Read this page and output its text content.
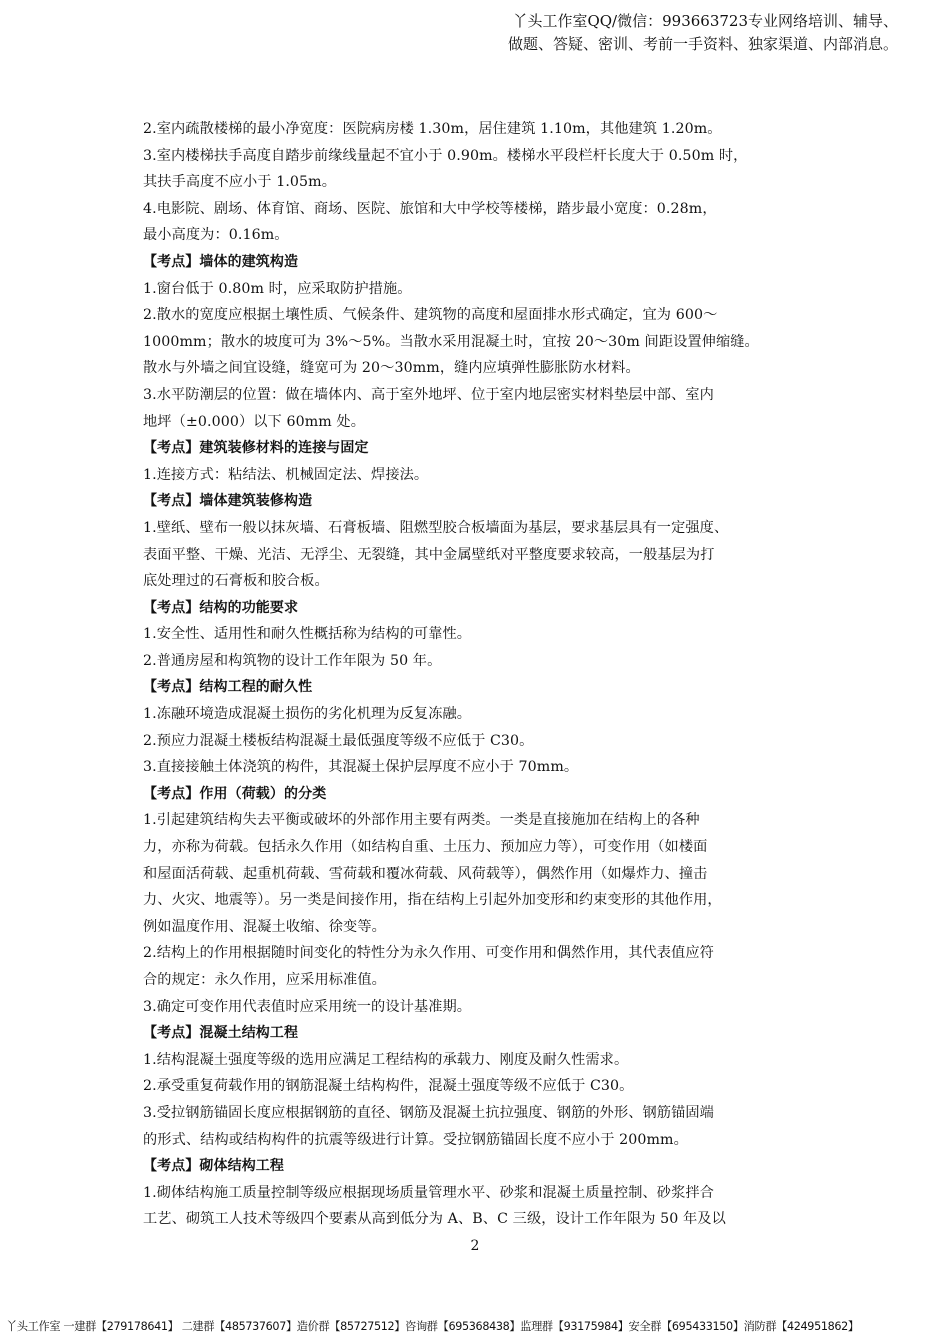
丫头工作室QQ/微信：993663723专业网络培训、辅导、
做题、答疑、密训、考前一手资料、独家渠道、内部消息。

2.室内疏散楼梯的最小净宽度：医院病房楼 1.30m，居住建筑 1.10m，其他建筑 1.20m。

3.室内楼梯扶手高度自踏步前缘线量起不宜小于 0.90m。楼梯水平段栏杆长度大于 0.50m 时，

其扶手高度不应小于 1.05m。

4.电影院、剧场、体育馆、商场、医院、旅馆和大中学校等楼梯，踏步最小宽度：0.28m，

最小高度为：0.16m。

【考点】墙体的建筑构造

1.窗台低于 0.80m 时，应采取防护措施。

2.散水的宽度应根据土壤性质、气候条件、建筑物的高度和屋面排水形式确定，宜为 600～

1000mm；散水的坡度可为 3%～5%。当散水采用混凝土时，宜按 20～30m 间距设置伸缩缝。

散水与外墙之间宜设缝，缝宽可为 20～30mm，缝内应填弹性膨胀防水材料。

3.水平防潮层的位置：做在墙体内、高于室外地坪、位于室内地层密实材料垫层中部、室内

地坪（±0.000）以下 60mm 处。

【考点】建筑装修材料的连接与固定

1.连接方式：粘结法、机械固定法、焊接法。

【考点】墙体建筑装修构造

1.壁纸、壁布一般以抹灰墙、石膏板墙、阻燃型胶合板墙面为基层，要求基层具有一定强度、

表面平整、干燥、光洁、无浮尘、无裂缝，其中金属壁纸对平整度要求较高，一般基层为打

底处理过的石膏板和胶合板。

【考点】结构的功能要求

1.安全性、适用性和耐久性概括称为结构的可靠性。

2.普通房屋和构筑物的设计工作年限为 50 年。

【考点】结构工程的耐久性

1.冻融环境造成混凝土损伤的劣化机理为反复冻融。

2.预应力混凝土楼板结构混凝土最低强度等级不应低于 C30。

3.直接接触土体浇筑的构件，其混凝土保护层厚度不应小于 70mm。

【考点】作用（荷载）的分类

1.引起建筑结构失去平衡或破坏的外部作用主要有两类。一类是直接施加在结构上的各种

力，亦称为荷载。包括永久作用（如结构自重、土压力、预加应力等），可变作用（如楼面

和屋面活荷载、起重机荷载、雪荷载和覆冰荷载、风荷载等），偶然作用（如爆炸力、撞击

力、火灾、地震等）。另一类是间接作用，指在结构上引起外加变形和约束变形的其他作用，

例如温度作用、混凝土收缩、徐变等。

2.结构上的作用根据随时间变化的特性分为永久作用、可变作用和偶然作用，其代表值应符

合的规定：永久作用，应采用标准值。

3.确定可变作用代表值时应采用统一的设计基准期。

【考点】混凝土结构工程

1.结构混凝土强度等级的选用应满足工程结构的承载力、刚度及耐久性需求。

2.承受重复荷载作用的钢筋混凝土结构构件，混凝土强度等级不应低于 C30。

3.受拉钢筋锚固长度应根据钢筋的直径、钢筋及混凝土抗拉强度、钢筋的外形、钢筋锚固端

的形式、结构或结构构件的抗震等级进行计算。受拉钢筋锚固长度不应小于 200mm。

【考点】砌体结构工程

1.砌体结构施工质量控制等级应根据现场质量管理水平、砂浆和混凝土质量控制、砂浆拌合

工艺、砌筑工人技术等级四个要素从高到低分为 A、B、C 三级，设计工作年限为 50 年及以

2
丫头工作室 一建群【279178641】 二建群【485737607】造价群【85727512】咨询群【695368438】监理群【93175984】安全群【695433150】消防群【424951862】
